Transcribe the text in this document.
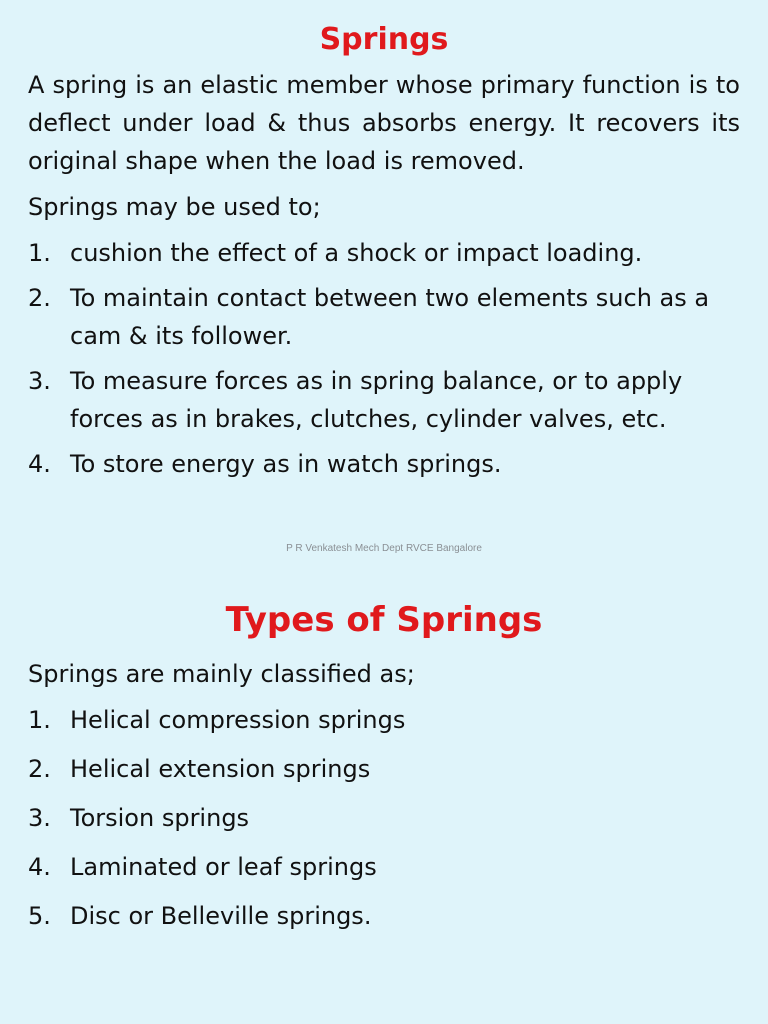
Springs

A spring is an elastic member whose primary function is to deflect under load & thus absorbs energy. It recovers its original shape when the load is removed.

Springs may be used to;

1. cushion the effect of a shock or impact loading.
2. To maintain contact between two elements such as a cam & its follower.
3. To measure forces as in spring balance, or to apply forces as in brakes, clutches, cylinder valves, etc.
4. To store energy as in watch springs.
P R Venkatesh Mech Dept RVCE Bangalore
Types of Springs

Springs are mainly classified as;

1. Helical compression springs
2. Helical extension springs
3. Torsion springs
4. Laminated or leaf springs
5. Disc or Belleville springs.
